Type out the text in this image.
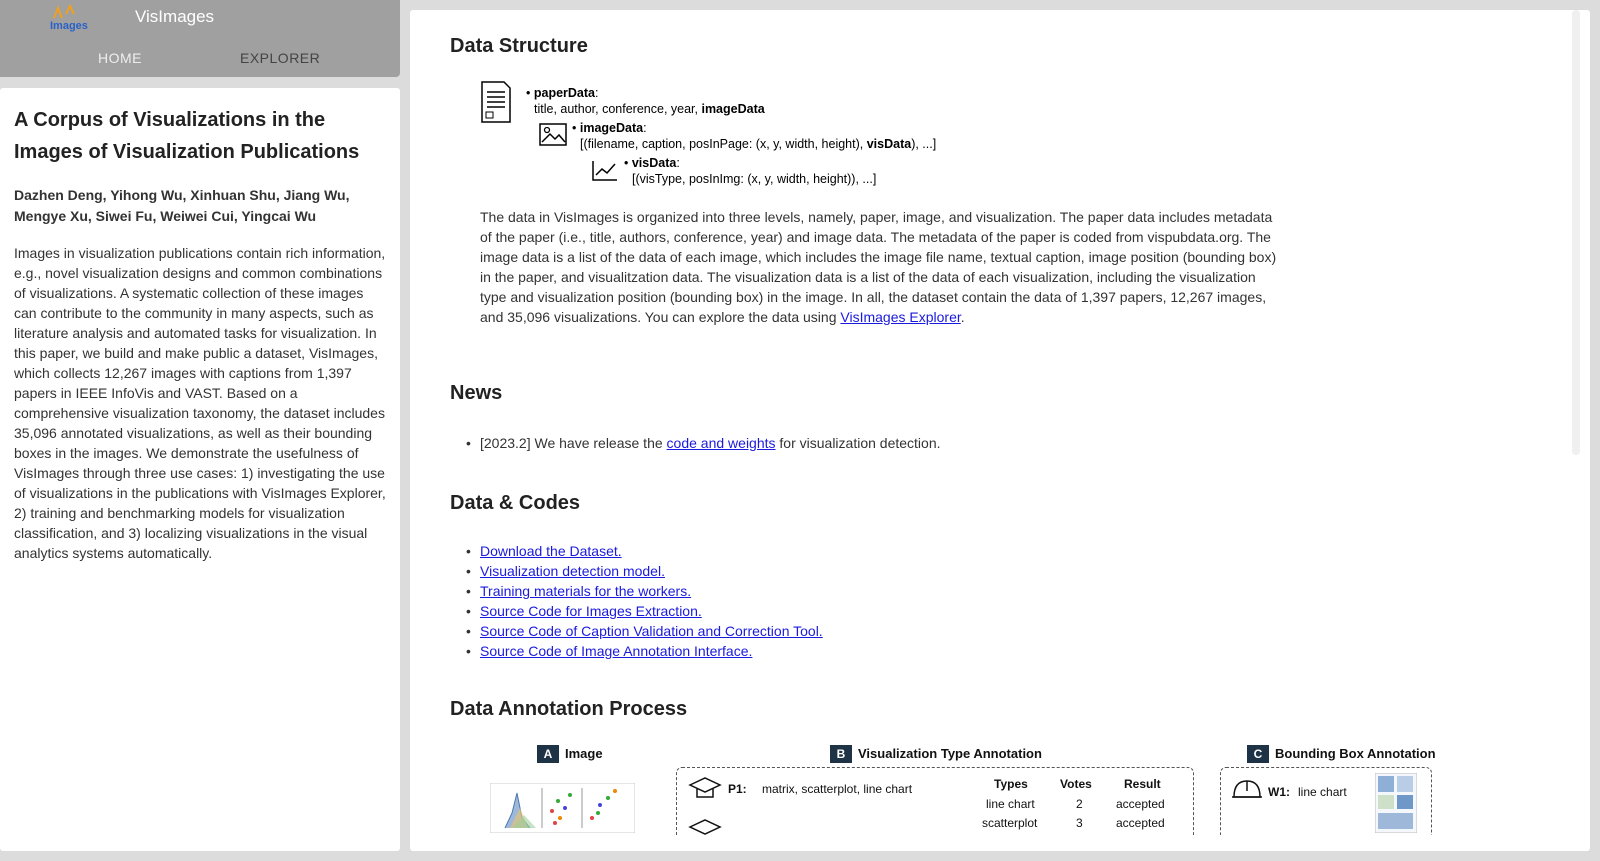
Images	VisImages
HOME	EXPLORER
A Corpus of Visualizations in the Images of Visualization Publications
Dazhen Deng, Yihong Wu, Xinhuan Shu, Jiang Wu, Mengye Xu, Siwei Fu, Weiwei Cui, Yingcai Wu
Images in visualization publications contain rich information, e.g., novel visualization designs and common combinations of visualizations. A systematic collection of these images can contribute to the community in many aspects, such as literature analysis and automated tasks for visualization. In this paper, we build and make public a dataset, VisImages, which collects 12,267 images with captions from 1,397 papers in IEEE InfoVis and VAST. Based on a comprehensive visualization taxonomy, the dataset includes 35,096 annotated visualizations, as well as their bounding boxes in the images. We demonstrate the usefulness of VisImages through three use cases: 1) investigating the use of visualizations in the publications with VisImages Explorer, 2) training and benchmarking models for visualization classification, and 3) localizing visualizations in the visual analytics systems automatically.
Data Structure
• paperData:
title, author, conference, year, imageData
• imageData:
[(filename, caption, posInPage: (x, y, width, height), visData), ...]
• visData:
[(visType, posInImg: (x, y, width, height)), ...]
The data in VisImages is organized into three levels, namely, paper, image, and visualization. The paper data includes metadata of the paper (i.e., title, authors, conference, year) and image data. The metadata of the paper is coded from vispubdata.org. The image data is a list of the data of each image, which includes the image file name, textual caption, image position (bounding box) in the paper, and visualitzation data. The visualization data is a list of the data of each visualization, including the visualization type and visualization position (bounding box) in the image. In all, the dataset contain the data of 1,397 papers, 12,267 images, and 35,096 visualizations. You can explore the data using VisImages Explorer.
News
• [2023.2] We have release the code and weights for visualization detection.
Data & Codes
• Download the Dataset.
• Visualization detection model.
• Training materials for the workers.
• Source Code for Images Extraction.
• Source Code of Caption Validation and Correction Tool.
• Source Code of Image Annotation Interface.
Data Annotation Process
A Image	B Visualization Type Annotation
P1: matrix, scatterplot, line chart	Types	Votes	Result
line chart	2	accepted
scatterplot	3	accepted
C Bounding Box Annotation
W1: line chart
